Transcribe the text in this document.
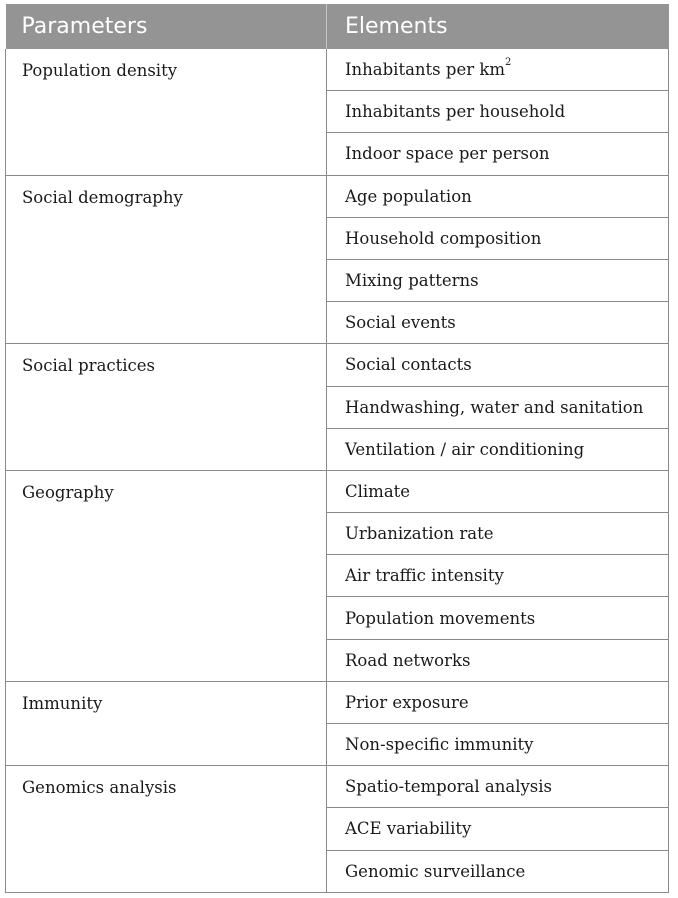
Parameters	Elements
Population density	Inhabitants per $km^2$
	Inhabitants per household
	Indoor space per person
Social demography	Age population
	Household composition
	Mixing patterns
	Social events
Social practices	Social contacts
	Handwashing, water and sanitation
	Ventilation / air conditioning
Geography	Climate
	Urbanization rate
	Air traffic intensity
	Population movements
	Road networks
Immunity	Prior exposure
	Non-specific immunity
Genomics analysis	Spatio-temporal analysis
	ACE variability
	Genomic surveillance
